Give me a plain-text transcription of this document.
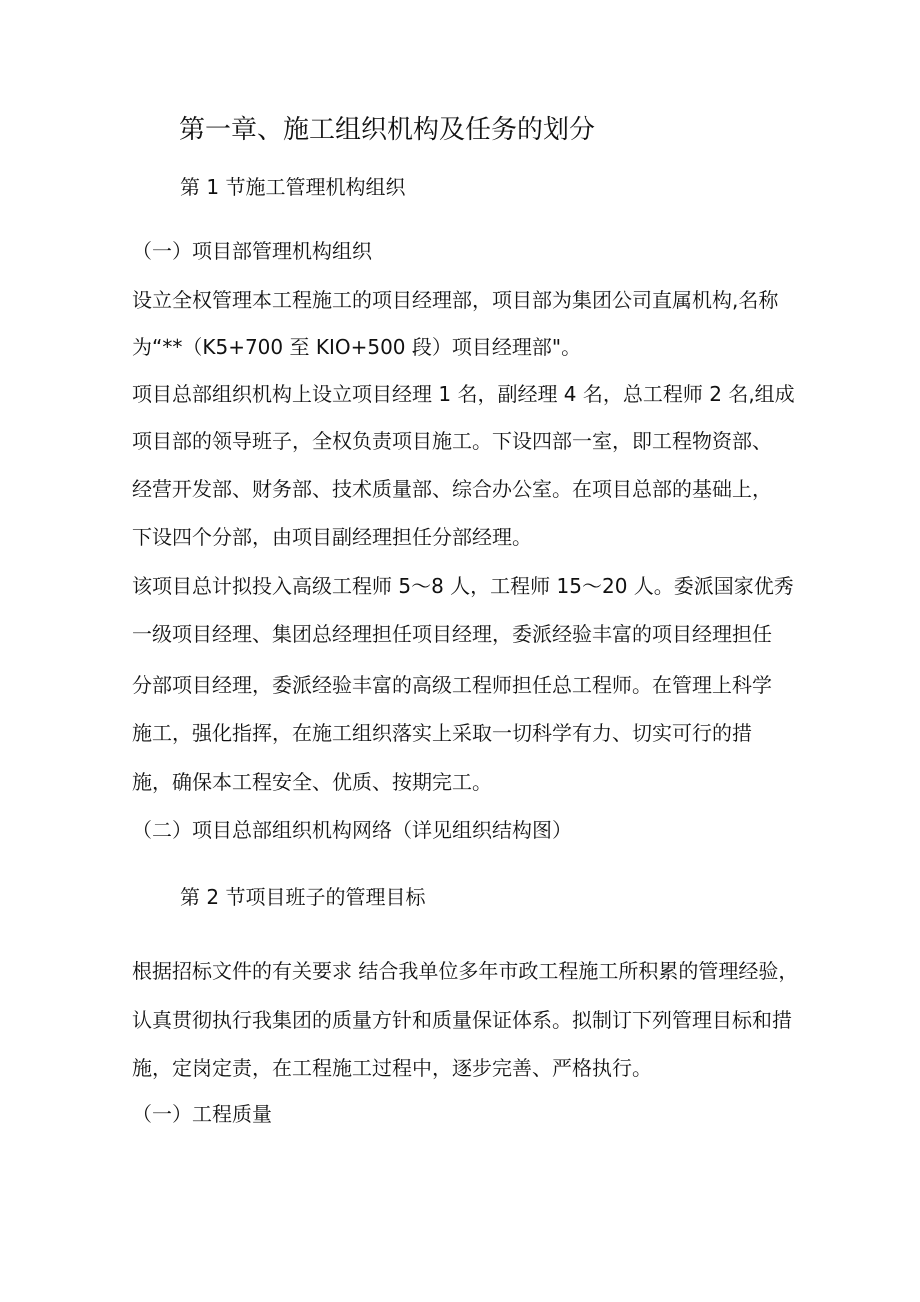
第一章、施工组织机构及任务的划分
第 1 节施工管理机构组织
（一）项目部管理机构组织
设立全权管理本工程施工的项目经理部，项目部为集团公司直属机构,名称
为“**（K5+700 至 KIO+500 段）项目经理部"。
项目总部组织机构上设立项目经理 1 名，副经理 4 名，总工程师 2 名,组成
项目部的领导班子，全权负责项目施工。下设四部一室，即工程物资部、
经营开发部、财务部、技术质量部、综合办公室。在项目总部的基础上，
下设四个分部，由项目副经理担任分部经理。
该项目总计拟投入高级工程师 5〜8 人，工程师 15〜20 人。委派国家优秀
一级项目经理、集团总经理担任项目经理，委派经验丰富的项目经理担任
分部项目经理，委派经验丰富的高级工程师担任总工程师。在管理上科学
施工，强化指挥，在施工组织落实上采取一切科学有力、切实可行的措
施，确保本工程安全、优质、按期完工。
（二）项目总部组织机构网络（详见组织结构图）
第 2 节项目班子的管理目标
根据招标文件的有关要求 结合我单位多年市政工程施工所积累的管理经验，
认真贯彻执行我集团的质量方针和质量保证体系。拟制订下列管理目标和措
施，定岗定责，在工程施工过程中，逐步完善、严格执行。
（一）工程质量
